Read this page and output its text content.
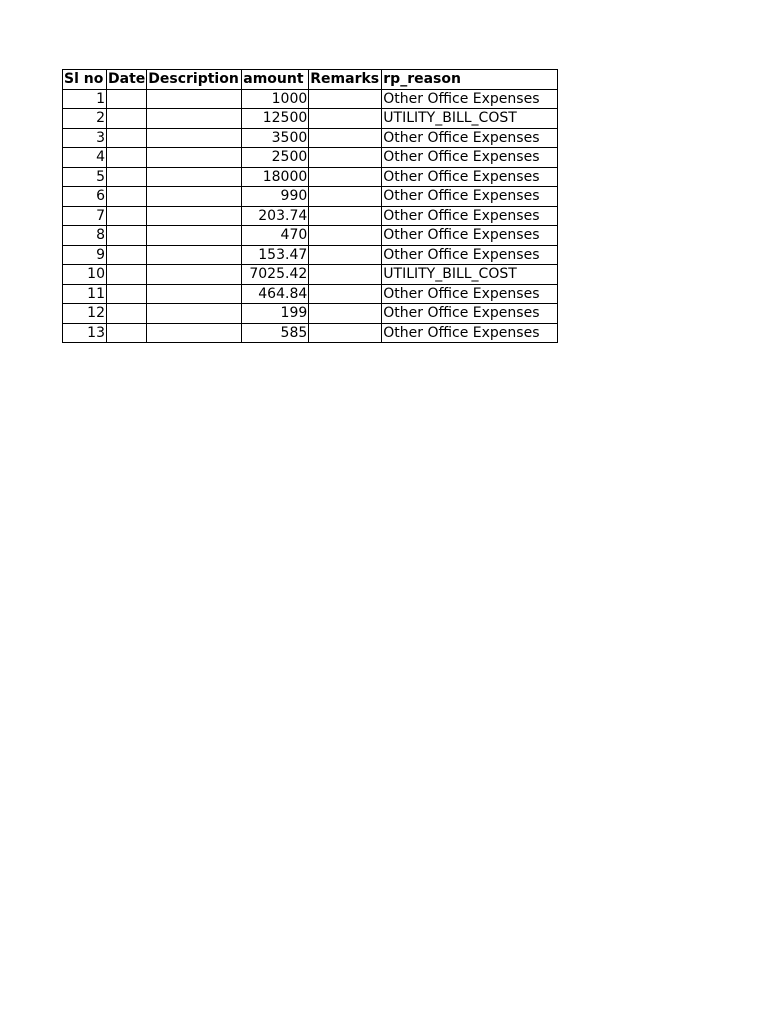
Sl no	Date	Description	amount	Remarks	rp_reason
1			1000		Other Office Expenses
2			12500		UTILITY_BILL_COST
3			3500		Other Office Expenses
4			2500		Other Office Expenses
5			18000		Other Office Expenses
6			990		Other Office Expenses
7			203.74		Other Office Expenses
8			470		Other Office Expenses
9			153.47		Other Office Expenses
10			7025.42		UTILITY_BILL_COST
11			464.84		Other Office Expenses
12			199		Other Office Expenses
13			585		Other Office Expenses
